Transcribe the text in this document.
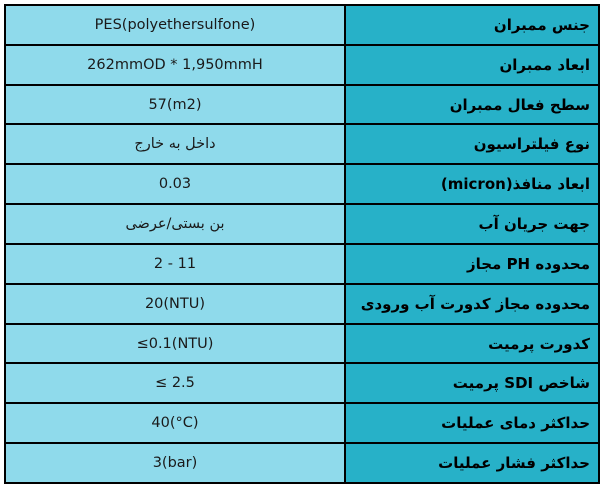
PES(polyethersulfone)	جنس ممبران
262mmOD * 1,950mmH	ابعاد ممبران
57(m2)	سطح فعال ممبران
داخل به خارج	نوع فیلتراسیون
0.03	ابعاد منافذ(micron)
بن بستی/عرضی	جهت جریان آب
2 - 11	محدوده PH مجاز
20(NTU)	محدوده مجاز کدورت آب ورودی
≤0.1(NTU)	کدورت پرمیت
≤ 2.5	شاخص SDI پرمیت
40(°C)	حداکثر دمای عملیات
3(bar)	حداکثر فشار عملیات
